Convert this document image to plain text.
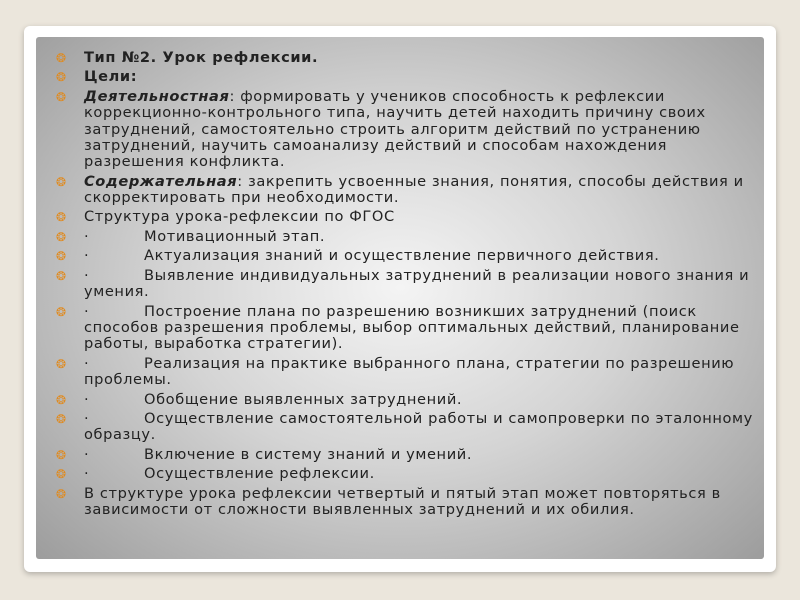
❂ Тип №2. Урок рефлексии.
❂ Цели:
❂ Деятельностная: формировать у учеников способность к рефлексии коррекционно-контрольного типа, научить детей находить причину своих затруднений, самостоятельно строить алгоритм действий по устранению затруднений, научить самоанализу действий и способам нахождения разрешения конфликта.
❂ Содержательная: закрепить усвоенные знания, понятия, способы действия и скорректировать при необходимости.
❂ Структура урока-рефлексии по ФГОС
❂ ·	Мотивационный этап.
❂ ·	Актуализация знаний и осуществление первичного действия.
❂ ·	Выявление индивидуальных затруднений в реализации нового знания и умения.
❂ ·	Построение плана по разрешению возникших затруднений (поиск способов разрешения проблемы, выбор оптимальных действий, планирование работы, выработка стратегии).
❂ ·	Реализация на практике выбранного плана, стратегии по разрешению проблемы.
❂ ·	Обобщение выявленных затруднений.
❂ ·	Осуществление самостоятельной работы и самопроверки по эталонному образцу.
❂ ·	Включение в систему знаний и умений.
❂ ·	Осуществление рефлексии.
❂ В структуре урока рефлексии четвертый и пятый этап может повторяться в зависимости от сложности выявленных затруднений и их обилия.
